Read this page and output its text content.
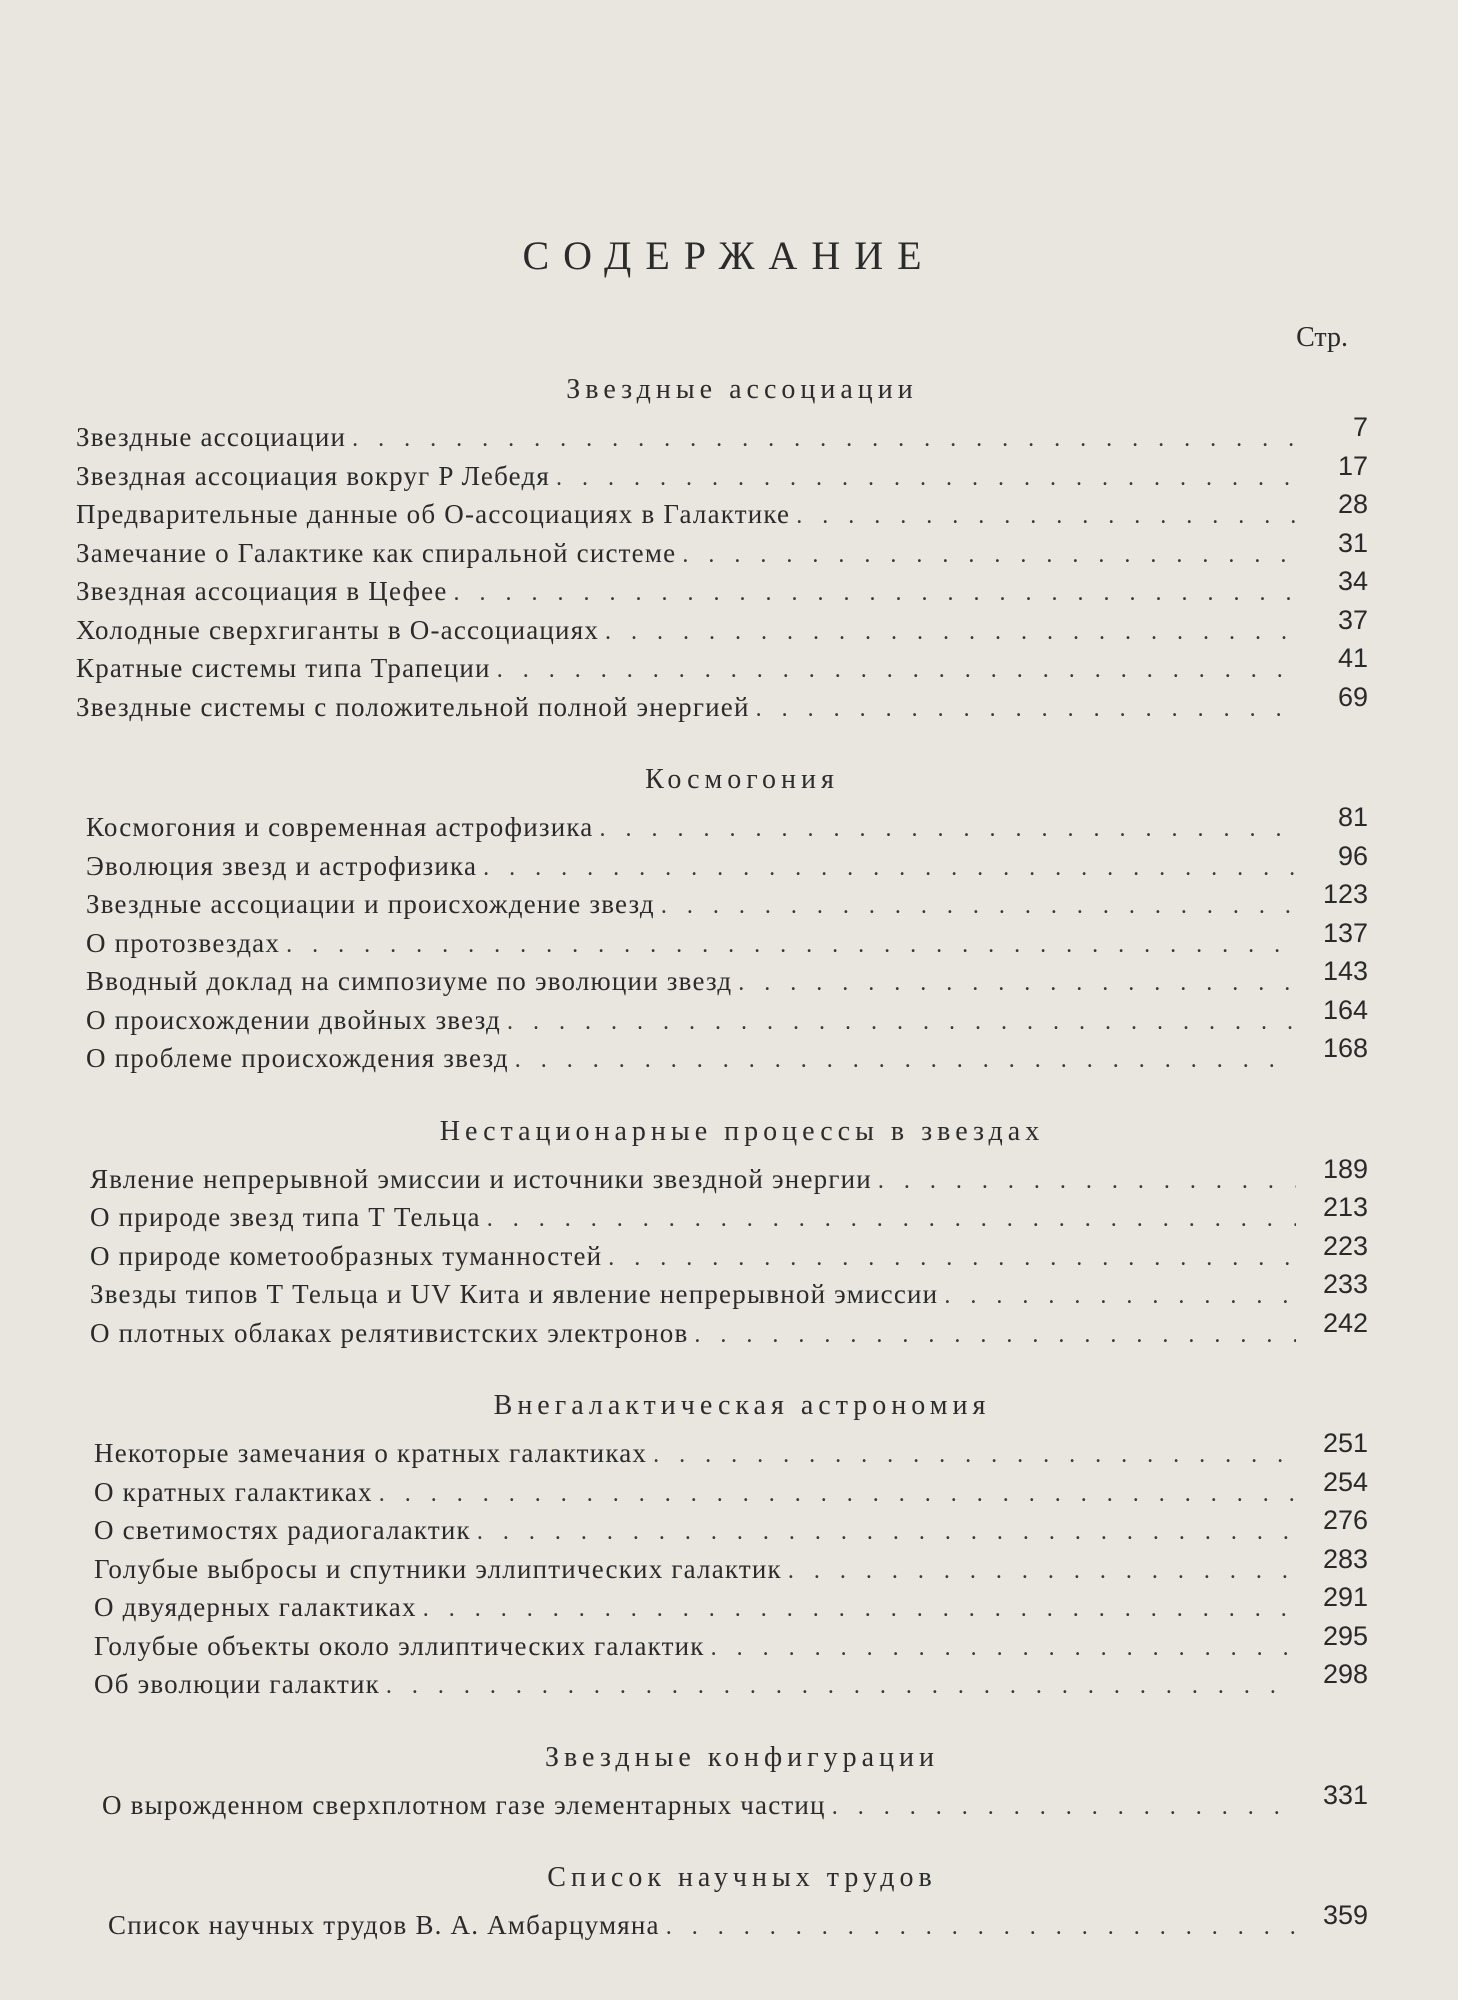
СОДЕРЖАНИЕ
Стр.
Звездные ассоциации
Звездные ассоциации . . .	7
Звездная ассоциация вокруг P Лебедя . . .	17
Предварительные данные об О-ассоциациях в Галактике . . .	28
Замечание о Галактике как спиральной системе . . .	31
Звездная ассоциация в Цефее . . .	34
Холодные сверхгиганты в О-ассоциациях . . .	37
Кратные системы типа Трапеции . . .	41
Звездные системы с положительной полной энергией . . .	69
Космогония
Космогония и современная астрофизика . . .	81
Эволюция звезд и астрофизика . . .	96
Звездные ассоциации и происхождение звезд . . .	123
О протозвездах . . .	137
Вводный доклад на симпозиуме по эволюции звезд . . .	143
О происхождении двойных звезд . . .	164
О проблеме происхождения звезд . . .	168
Нестационарные процессы в звездах
Явление непрерывной эмиссии и источники звездной энергии . . .	189
О природе звезд типа Т Тельца . . .	213
О природе кометообразных туманностей . . .	223
Звезды типов Т Тельца и UV Кита и явление непрерывной эмиссии . . .	233
О плотных облаках релятивистских электронов . . .	242
Внегалактическая астрономия
Некоторые замечания о кратных галактиках . . .	251
О кратных галактиках . . .	254
О светимостях радиогалактик . . .	276
Голубые выбросы и спутники эллиптических галактик . . .	283
О двуядерных галактиках . . .	291
Голубые объекты около эллиптических галактик . . .	295
Об эволюции галактик . . .	298
Звездные конфигурации
О вырожденном сверхплотном газе элементарных частиц . . .	331
Список научных трудов
Список научных трудов В. А. Амбарцумяна . . .	359
